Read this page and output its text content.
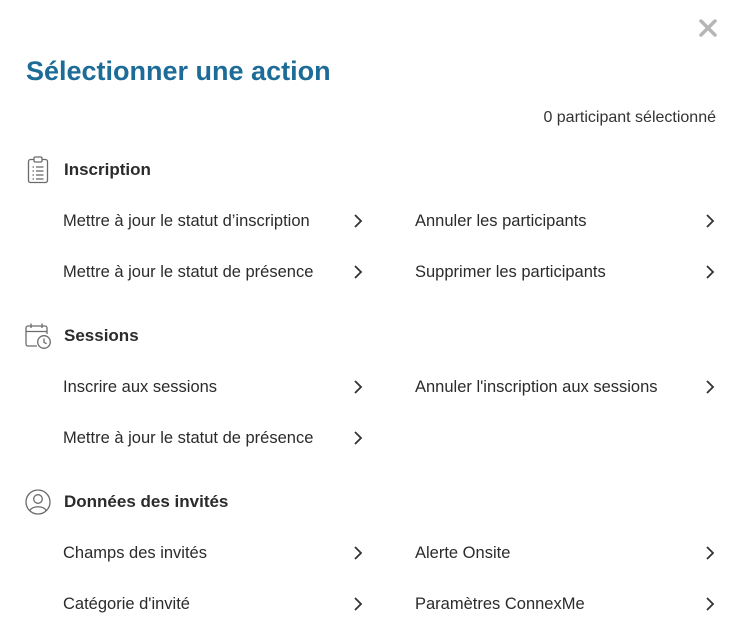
Sélectionner une action
0 participant sélectionné
Inscription
Mettre à jour le statut d’inscription	Annuler les participants
Mettre à jour le statut de présence	Supprimer les participants
Sessions
Inscrire aux sessions	Annuler l'inscription aux sessions
Mettre à jour le statut de présence
Données des invités
Champs des invités	Alerte Onsite
Catégorie d'invité	Paramètres ConnexMe
